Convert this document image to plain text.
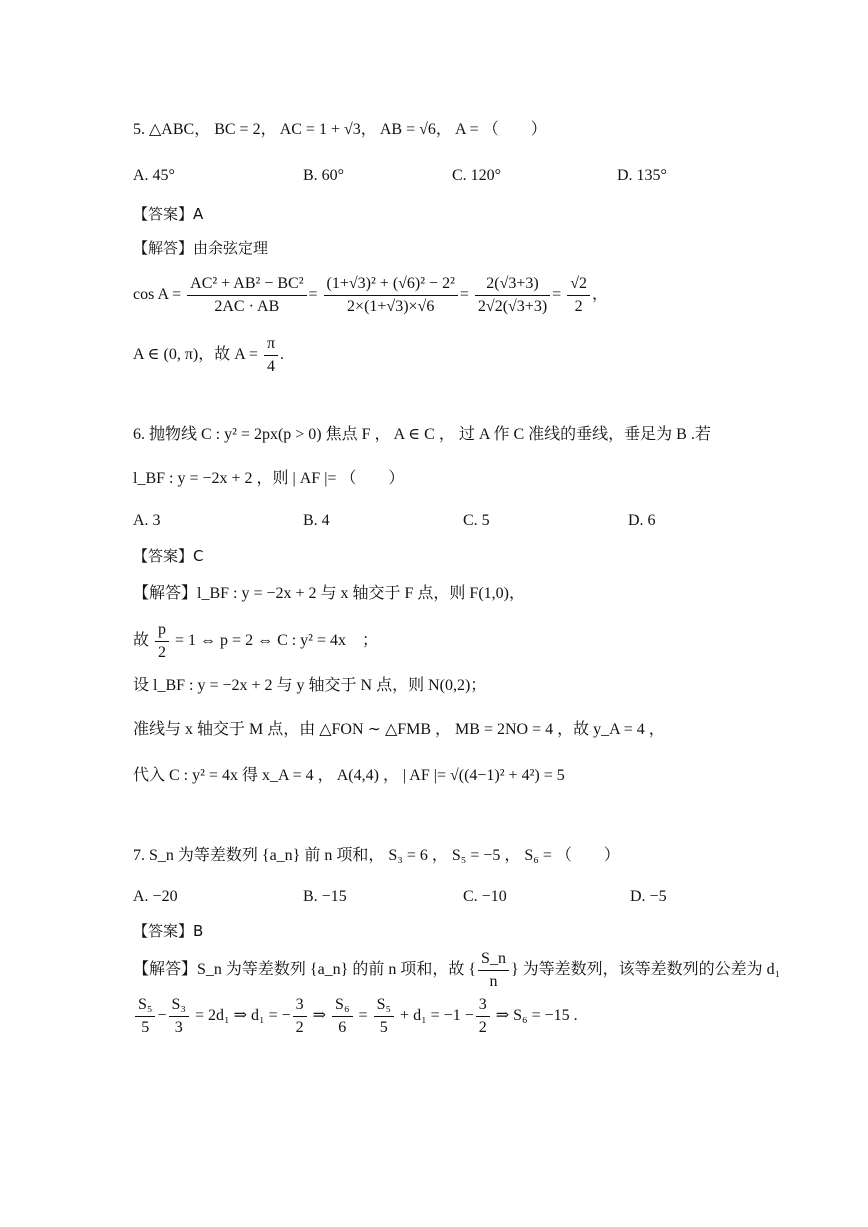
5. △ABC， BC = 2， AC = 1 + √3， AB = √6， A = （　　）
A. 45°	B. 60°	C. 120°	D. 135°
【答案】A
【解答】由余弦定理
$\cos A = \frac{\text{AC² + AB² − BC²}}{2AC \cdot AB} = \frac{\text{(1+√3)² + (√6)² − 2²}}{2\times(1+√3)\times√6} = \frac{2(√3+3)}{2√2(√3+3)} = \frac{√2}{2}$ ，
A ∈ (0, π)，故 $A = \frac{\pi}{4}$ .
6. 抛物线 C : y² = 2px(p > 0) 焦点 F ， A ∈ C ， 过 A 作 C 准线的垂线，垂足为 B .若
l_BF : y = −2x + 2 ，则 | AF |= （　　）
A. 3	B. 4	C. 5	D. 6
【答案】C
【解答】l_BF : y = −2x + 2 与 x 轴交于 F 点，则 F(1,0)，
故 $\frac{p}{2} = 1$ ⇔ p = 2 ⇔ C : y² = 4x　；
设 l_BF : y = −2x + 2 与 y 轴交于 N 点，则 N(0,2)；
准线与 x 轴交于 M 点，由 △FON ∼ △FMB ， MB = 2NO = 4 ，故 y_A = 4 ，
代入 C : y² = 4x 得 x_A = 4 ， A(4,4) ， | AF |= √((4−1)² + 4²) = 5
7. S_n 为等差数列 {a_n} 前 n 项和， S₃ = 6 ， S₅ = −5 ， S₆ = （　　）
A. −20	B. −15	C. −10	D. −5
【答案】B
【解答】S_n 为等差数列 {a_n} 的前 n 项和，故 { $\frac{S\_n}{n}$ } 为等差数列，该等差数列的公差为 d₁
$\frac{\text{S₅}}{5} - \frac{\text{S₃}}{3} = 2d_1$ ⇒ d₁ = − $\frac{3}{2}$ ⇒ $\frac{\text{S₆}}{6} = \frac{\text{S₅}}{5} + d_1 = -1 - \frac{3}{2}$ ⇒ S₆ = −15 .
